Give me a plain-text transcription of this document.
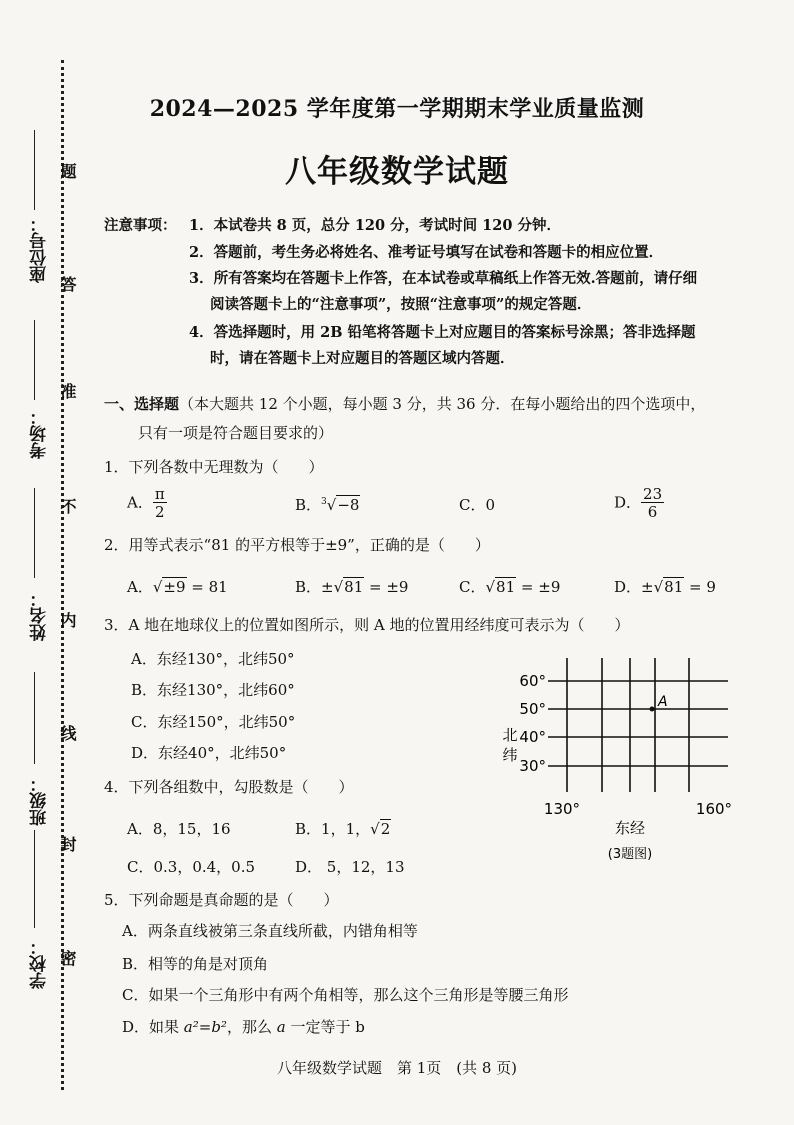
座位号：
考场：
姓名：
班级：
学校：
题
答
准
不
内
线
封
密
2024—2025 学年度第一学期期末学业质量监测
八年级数学试题
注意事项： 1．本试卷共 8 页，总分 120 分，考试时间 120 分钟．
2．答题前，考生务必将姓名、准考证号填写在试卷和答题卡的相应位置．
3．所有答案均在答题卡上作答，在本试卷或草稿纸上作答无效.答题前，请仔细
阅读答题卡上的“注意事项”，按照“注意事项”的规定答题．
4．答选择题时，用 2B 铅笔将答题卡上对应题目的答案标号涂黑；答非选择题
时，请在答题卡上对应题目的答题区域内答题．
一、选择题（本大题共 12 个小题，每小题 3 分，共 36 分．在每小题给出的四个选项中，
只有一项是符合题目要求的）
1．下列各数中无理数为（　　）
A． $\frac{\pi}{2}$	B．$^3$√−8	C．0	D． $\frac{23}{6}$
2．用等式表示“81 的平方根等于±9”，正确的是（　　）
A．√±9 = 81	B．±√81 = ±9	C．√81 = ±9	D．±√81 = 9
3．A 地在地球仪上的位置如图所示，则 A 地的位置用经纬度可表示为（　　）
A．东经130°，北纬50°
B．东经130°，北纬60°
C．东经150°，北纬50°
D．东经40°，北纬50°
A
60°
50°
40°
30°
北
纬
130°	160°
东经
(3题图)
4．下列各组数中，勾股数是（　　）
A．8，15，16	B．1，1，√2
C．0.3，0.4，0.5	D． 5，12，13
5．下列命题是真命题的是（　　）
A．两条直线被第三条直线所截，内错角相等
B．相等的角是对顶角
C．如果一个三角形中有两个角相等，那么这个三角形是等腰三角形
D．如果 a²=b²，那么 a 一定等于 b
八年级数学试题　第 1页　(共 8 页)
